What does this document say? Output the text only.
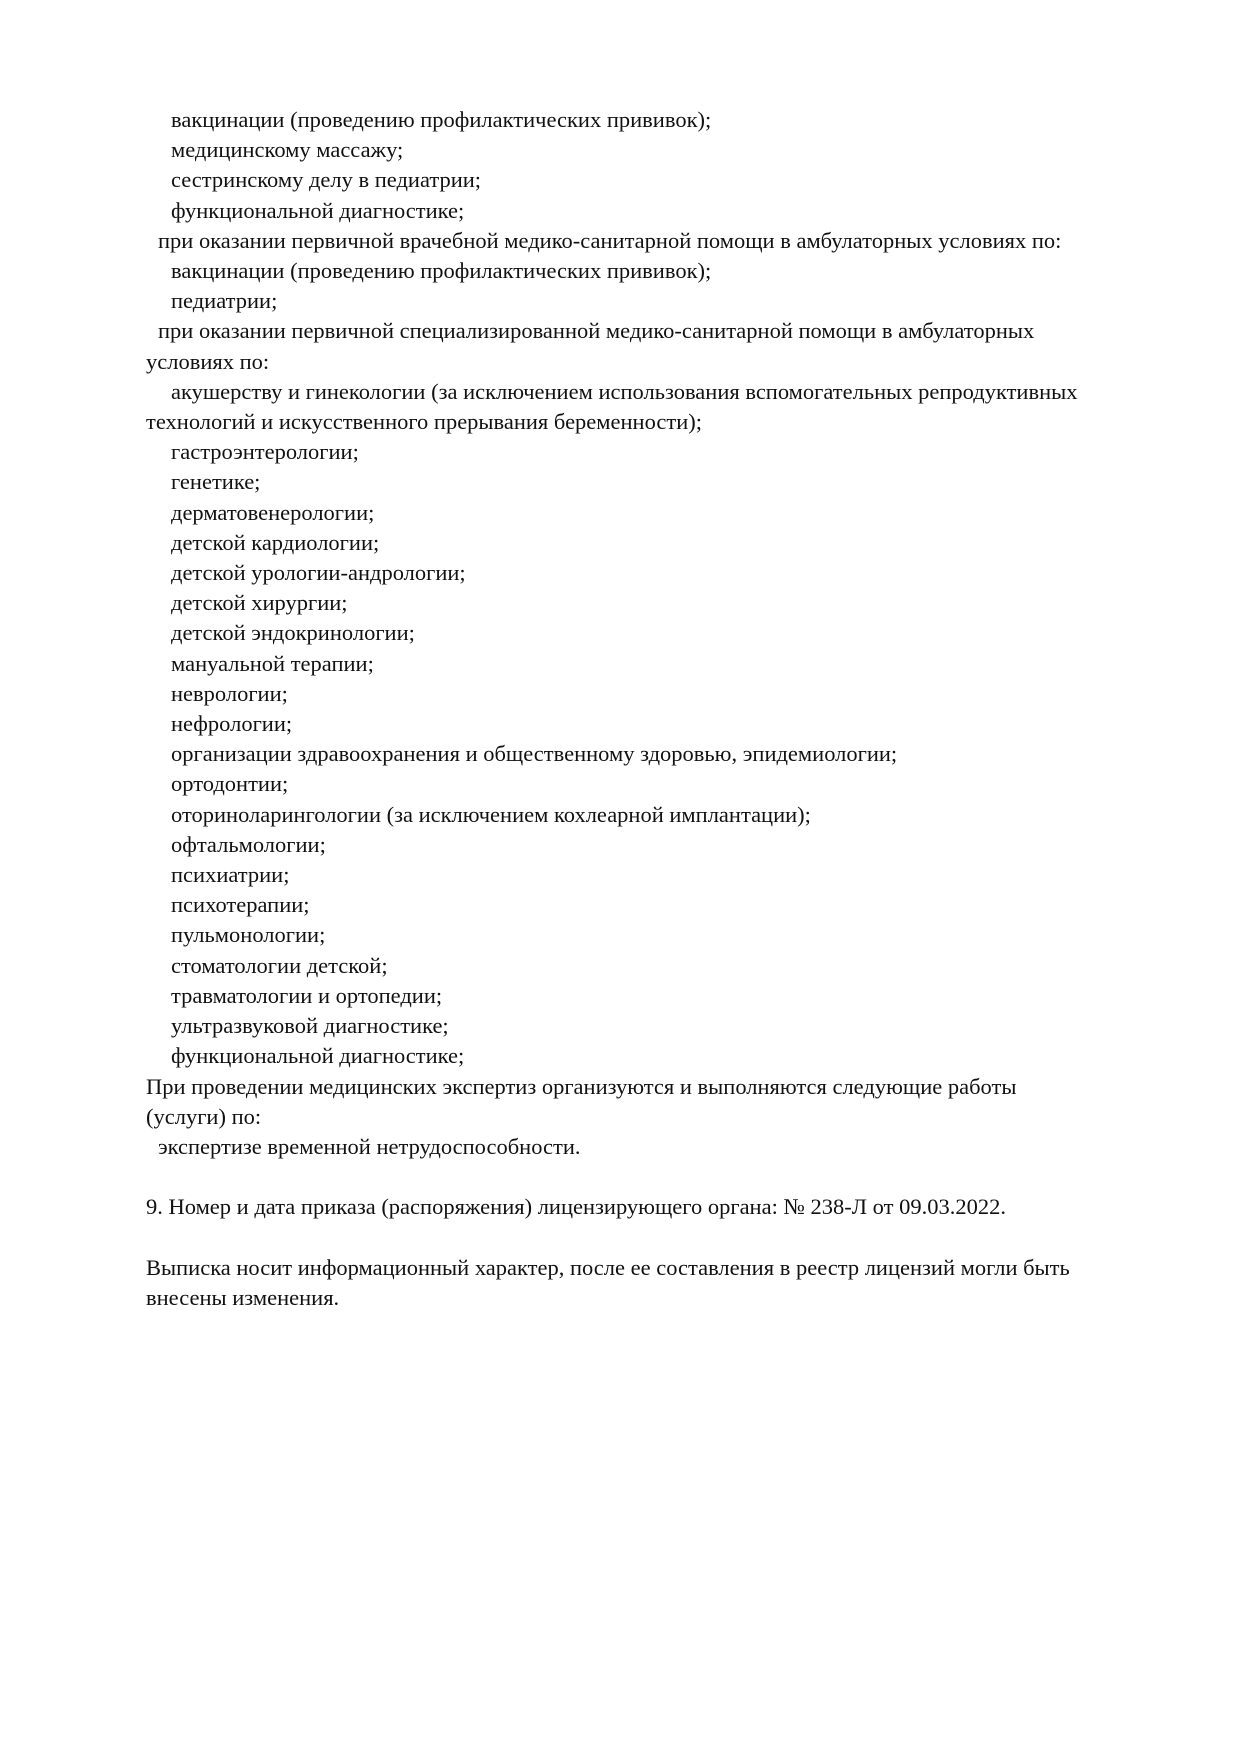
вакцинации (проведению профилактических прививок);

медицинскому массажу;

сестринскому делу в педиатрии;

функциональной диагностике;

при оказании первичной врачебной медико-санитарной помощи в амбулаторных условиях по:

вакцинации (проведению профилактических прививок);

педиатрии;

при оказании первичной специализированной медико-санитарной помощи в амбулаторных

условиях по:

акушерству и гинекологии (за исключением использования вспомогательных репродуктивных

технологий и искусственного прерывания беременности);

гастроэнтерологии;

генетике;

дерматовенерологии;

детской кардиологии;

детской урологии-андрологии;

детской хирургии;

детской эндокринологии;

мануальной терапии;

неврологии;

нефрологии;

организации здравоохранения и общественному здоровью, эпидемиологии;

ортодонтии;

оториноларингологии (за исключением кохлеарной имплантации);

офтальмологии;

психиатрии;

психотерапии;

пульмонологии;

стоматологии детской;

травматологии и ортопедии;

ультразвуковой диагностике;

функциональной диагностике;

При проведении медицинских экспертиз организуются и выполняются следующие работы

(услуги) по:

экспертизе временной нетрудоспособности.

9. Номер и дата приказа (распоряжения) лицензирующего органа: № 238-Л от 09.03.2022.

Выписка носит информационный характер, после ее составления в реестр лицензий могли быть

внесены изменения.
